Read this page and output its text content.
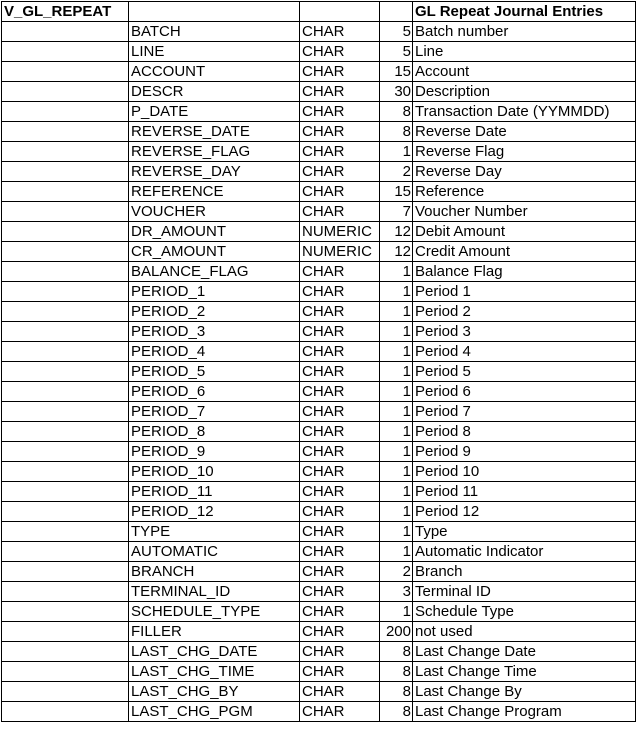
V_GL_REPEAT				GL Repeat Journal Entries
	BATCH	CHAR	5	Batch number
	LINE	CHAR	5	Line
	ACCOUNT	CHAR	15	Account
	DESCR	CHAR	30	Description
	P_DATE	CHAR	8	Transaction Date (YYMMDD)
	REVERSE_DATE	CHAR	8	Reverse Date
	REVERSE_FLAG	CHAR	1	Reverse Flag
	REVERSE_DAY	CHAR	2	Reverse Day
	REFERENCE	CHAR	15	Reference
	VOUCHER	CHAR	7	Voucher Number
	DR_AMOUNT	NUMERIC	12	Debit Amount
	CR_AMOUNT	NUMERIC	12	Credit Amount
	BALANCE_FLAG	CHAR	1	Balance Flag
	PERIOD_1	CHAR	1	Period 1
	PERIOD_2	CHAR	1	Period 2
	PERIOD_3	CHAR	1	Period 3
	PERIOD_4	CHAR	1	Period 4
	PERIOD_5	CHAR	1	Period 5
	PERIOD_6	CHAR	1	Period 6
	PERIOD_7	CHAR	1	Period 7
	PERIOD_8	CHAR	1	Period 8
	PERIOD_9	CHAR	1	Period 9
	PERIOD_10	CHAR	1	Period 10
	PERIOD_11	CHAR	1	Period 11
	PERIOD_12	CHAR	1	Period 12
	TYPE	CHAR	1	Type
	AUTOMATIC	CHAR	1	Automatic Indicator
	BRANCH	CHAR	2	Branch
	TERMINAL_ID	CHAR	3	Terminal ID
	SCHEDULE_TYPE	CHAR	1	Schedule Type
	FILLER	CHAR	200	not used
	LAST_CHG_DATE	CHAR	8	Last Change Date
	LAST_CHG_TIME	CHAR	8	Last Change Time
	LAST_CHG_BY	CHAR	8	Last Change By
	LAST_CHG_PGM	CHAR	8	Last Change Program
